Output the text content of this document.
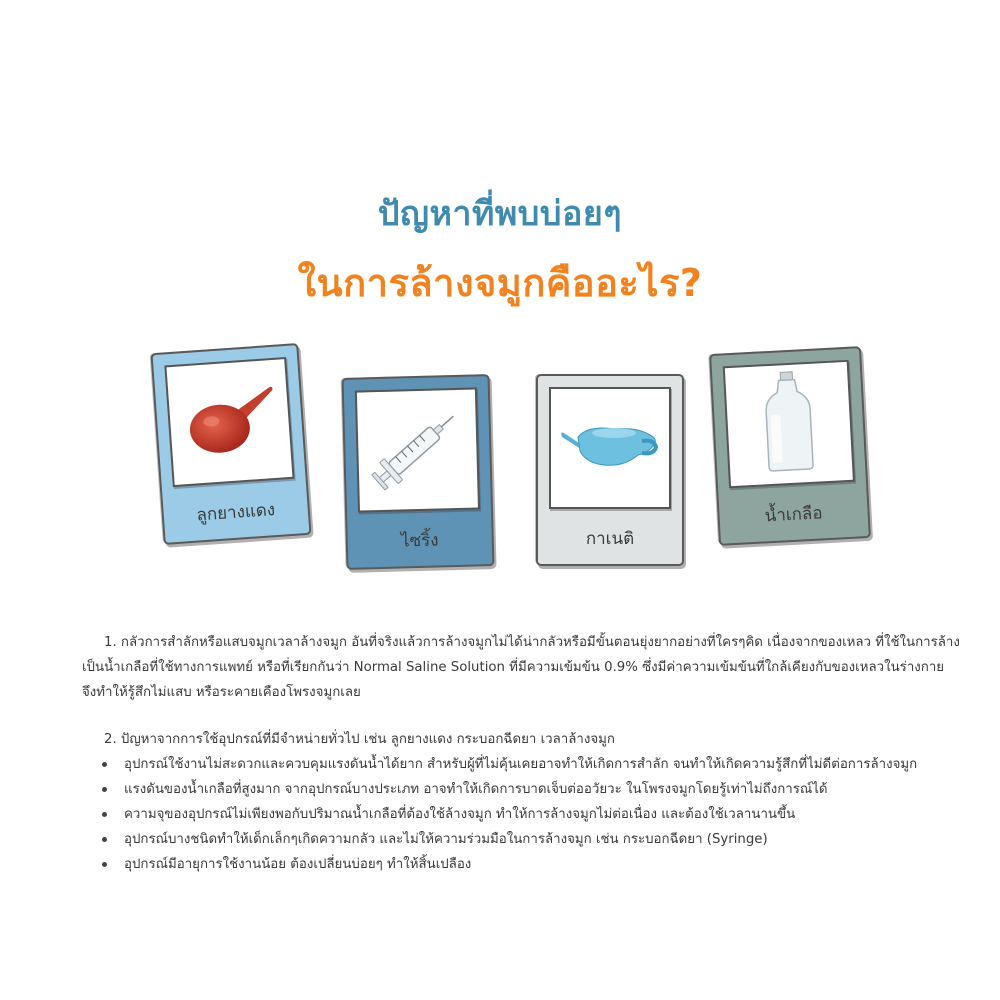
ปัญหาที่พบบ่อยๆ
ในการล้างจมูกคืออะไร?
ลูกยางแดง
ไซริ้ง	กาเนติ
น้ำเกลือ

1. กลัวการสำลักหรือแสบจมูกเวลาล้างจมูก อันที่จริงแล้วการล้างจมูกไม่ได้น่ากลัวหรือมีขั้นตอนยุ่งยากอย่างที่ใครๆคิด เนื่องจากของเหลว ที่ใช้ในการล้างเป็นน้ำเกลือที่ใช้ทางการแพทย์ หรือที่เรียกกันว่า Normal Saline Solution ที่มีความเข้มข้น 0.9% ซึ่งมีค่าความเข้มข้นที่ใกล้เคียงกับของเหลวในร่างกาย จึงทำให้รู้สึกไม่แสบ หรือระคายเคืองโพรงจมูกเลย

2. ปัญหาจากการใช้อุปกรณ์ที่มีจำหน่ายทั่วไป เช่น ลูกยางแดง กระบอกฉีดยา เวลาล้างจมูก

อุปกรณ์ใช้งานไม่สะดวกและควบคุมแรงดันน้ำได้ยาก สำหรับผู้ที่ไม่คุ้นเคยอาจทำให้เกิดการสำลัก จนทำให้เกิดความรู้สึกที่ไม่ดีต่อการล้างจมูก
แรงดันของน้ำเกลือที่สูงมาก จากอุปกรณ์บางประเภท อาจทำให้เกิดการบาดเจ็บต่ออวัยวะ ในโพรงจมูกโดยรู้เท่าไม่ถึงการณ์ได้
ความจุของอุปกรณ์ไม่เพียงพอกับปริมาณน้ำเกลือที่ต้องใช้ล้างจมูก ทำให้การล้างจมูกไม่ต่อเนื่อง และต้องใช้เวลานานขึ้น
อุปกรณ์บางชนิดทำให้เด็กเล็กๆเกิดความกลัว และไม่ให้ความร่วมมือในการล้างจมูก เช่น กระบอกฉีดยา (Syringe)
อุปกรณ์มีอายุการใช้งานน้อย ต้องเปลี่ยนบ่อยๆ ทำให้สิ้นเปลือง
